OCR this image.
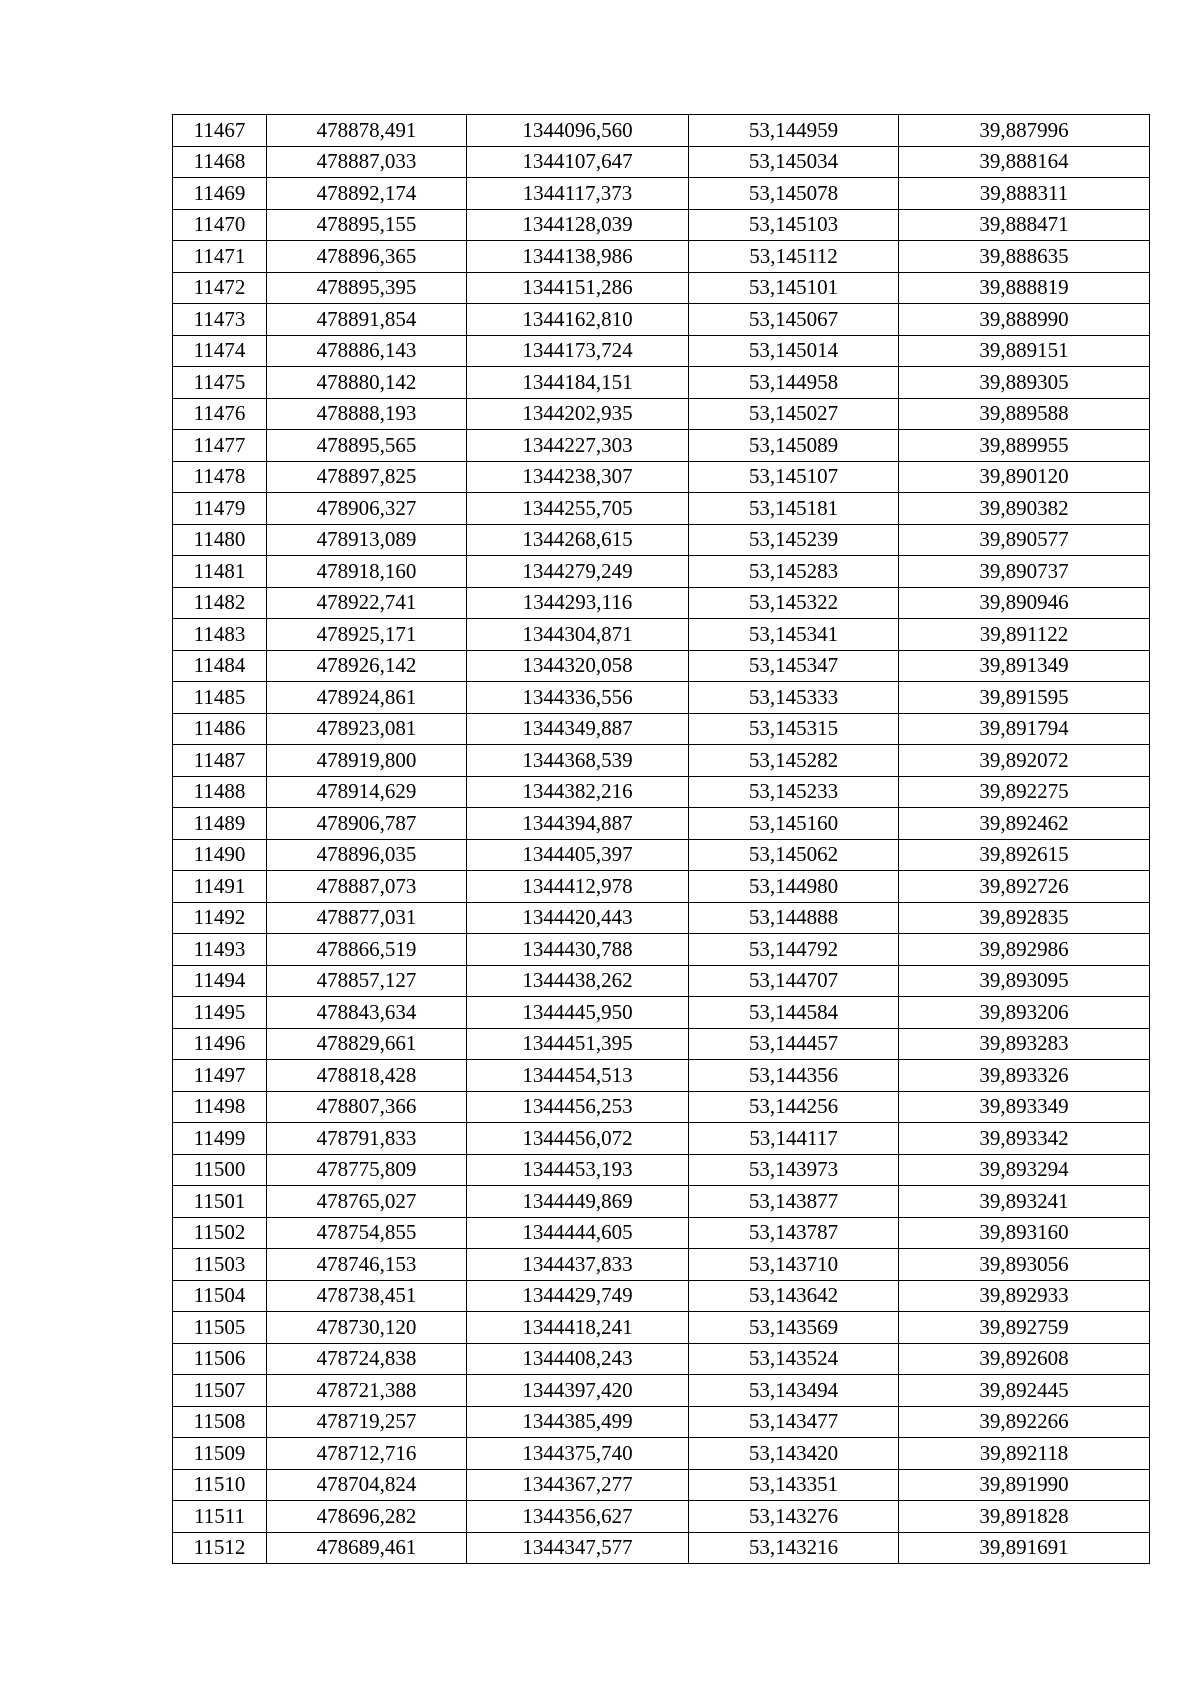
11467	478878,491	1344096,560	53,144959	39,887996
11468	478887,033	1344107,647	53,145034	39,888164
11469	478892,174	1344117,373	53,145078	39,888311
11470	478895,155	1344128,039	53,145103	39,888471
11471	478896,365	1344138,986	53,145112	39,888635
11472	478895,395	1344151,286	53,145101	39,888819
11473	478891,854	1344162,810	53,145067	39,888990
11474	478886,143	1344173,724	53,145014	39,889151
11475	478880,142	1344184,151	53,144958	39,889305
11476	478888,193	1344202,935	53,145027	39,889588
11477	478895,565	1344227,303	53,145089	39,889955
11478	478897,825	1344238,307	53,145107	39,890120
11479	478906,327	1344255,705	53,145181	39,890382
11480	478913,089	1344268,615	53,145239	39,890577
11481	478918,160	1344279,249	53,145283	39,890737
11482	478922,741	1344293,116	53,145322	39,890946
11483	478925,171	1344304,871	53,145341	39,891122
11484	478926,142	1344320,058	53,145347	39,891349
11485	478924,861	1344336,556	53,145333	39,891595
11486	478923,081	1344349,887	53,145315	39,891794
11487	478919,800	1344368,539	53,145282	39,892072
11488	478914,629	1344382,216	53,145233	39,892275
11489	478906,787	1344394,887	53,145160	39,892462
11490	478896,035	1344405,397	53,145062	39,892615
11491	478887,073	1344412,978	53,144980	39,892726
11492	478877,031	1344420,443	53,144888	39,892835
11493	478866,519	1344430,788	53,144792	39,892986
11494	478857,127	1344438,262	53,144707	39,893095
11495	478843,634	1344445,950	53,144584	39,893206
11496	478829,661	1344451,395	53,144457	39,893283
11497	478818,428	1344454,513	53,144356	39,893326
11498	478807,366	1344456,253	53,144256	39,893349
11499	478791,833	1344456,072	53,144117	39,893342
11500	478775,809	1344453,193	53,143973	39,893294
11501	478765,027	1344449,869	53,143877	39,893241
11502	478754,855	1344444,605	53,143787	39,893160
11503	478746,153	1344437,833	53,143710	39,893056
11504	478738,451	1344429,749	53,143642	39,892933
11505	478730,120	1344418,241	53,143569	39,892759
11506	478724,838	1344408,243	53,143524	39,892608
11507	478721,388	1344397,420	53,143494	39,892445
11508	478719,257	1344385,499	53,143477	39,892266
11509	478712,716	1344375,740	53,143420	39,892118
11510	478704,824	1344367,277	53,143351	39,891990
11511	478696,282	1344356,627	53,143276	39,891828
11512	478689,461	1344347,577	53,143216	39,891691
